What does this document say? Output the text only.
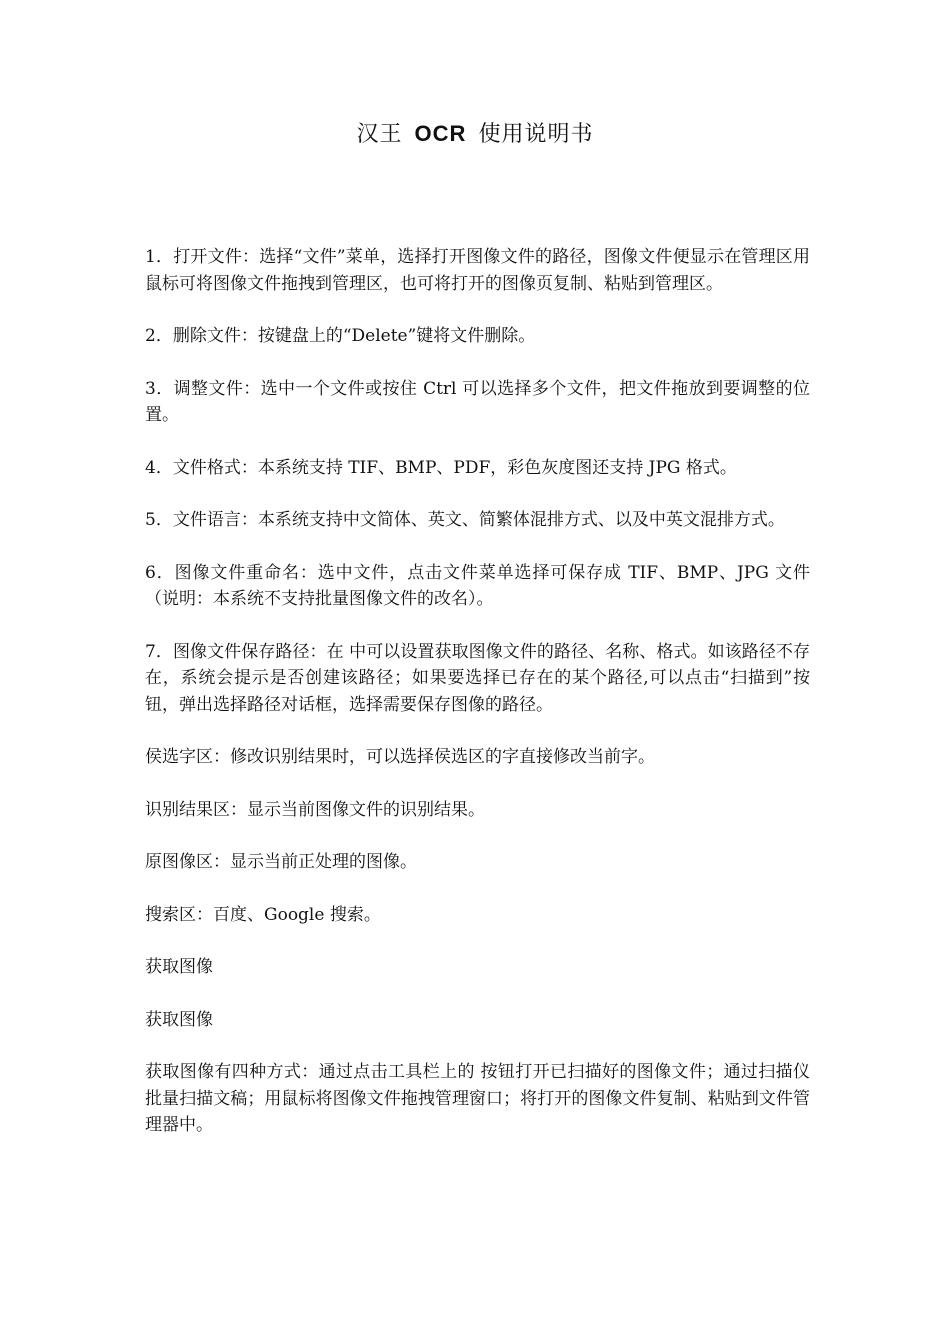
汉王 OCR 使用说明书

1．打开文件：选择“文件”菜单，选择打开图像文件的路径，图像文件便显示在管理区用鼠标可将图像文件拖拽到管理区，也可将打开的图像页复制、粘贴到管理区。

2．删除文件：按键盘上的“Delete”键将文件删除。

3．调整文件：选中一个文件或按住 Ctrl 可以选择多个文件，把文件拖放到要调整的位置。

4．文件格式：本系统支持 TIF、BMP、PDF，彩色灰度图还支持 JPG 格式。

5．文件语言：本系统支持中文简体、英文、简繁体混排方式、以及中英文混排方式。

6．图像文件重命名：选中文件，点击文件菜单选择可保存成 TIF、BMP、JPG 文件（说明：本系统不支持批量图像文件的改名）。

7．图像文件保存路径：在 中可以设置获取图像文件的路径、名称、格式。如该路径不存在，系统会提示是否创建该路径；如果要选择已存在的某个路径,可以点击“扫描到”按钮，弹出选择路径对话框，选择需要保存图像的路径。

侯选字区：修改识别结果时，可以选择侯选区的字直接修改当前字。

识别结果区：显示当前图像文件的识别结果。

原图像区：显示当前正处理的图像。

搜索区：百度、Google 搜索。

获取图像

获取图像

获取图像有四种方式：通过点击工具栏上的 按钮打开已扫描好的图像文件；通过扫描仪批量扫描文稿；用鼠标将图像文件拖拽管理窗口；将打开的图像文件复制、粘贴到文件管理器中。
